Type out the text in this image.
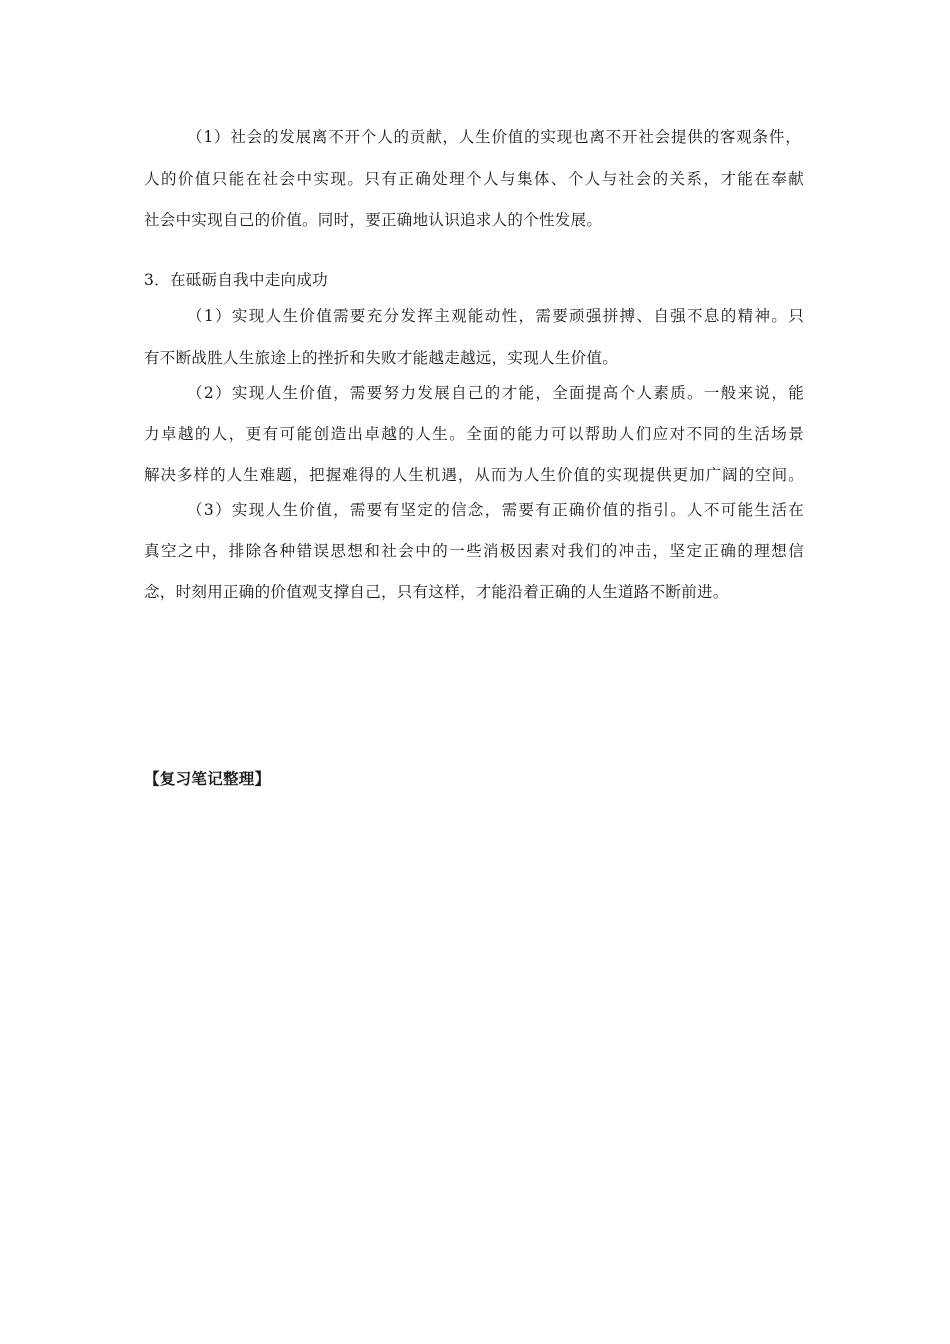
（1）社会的发展离不开个人的贡献，人生价值的实现也离不开社会提供的客观条件，
人的价值只能在社会中实现。只有正确处理个人与集体、个人与社会的关系，才能在奉献
社会中实现自己的价值。同时，要正确地认识追求人的个性发展。
3．在砥砺自我中走向成功
（1）实现人生价值需要充分发挥主观能动性，需要顽强拼搏、自强不息的精神。只
有不断战胜人生旅途上的挫折和失败才能越走越远，实现人生价值。
（2）实现人生价值，需要努力发展自己的才能，全面提高个人素质。一般来说，能
力卓越的人，更有可能创造出卓越的人生。全面的能力可以帮助人们应对不同的生活场景
解决多样的人生难题，把握难得的人生机遇，从而为人生价值的实现提供更加广阔的空间。
（3）实现人生价值，需要有坚定的信念，需要有正确价值的指引。人不可能生活在
真空之中，排除各种错误思想和社会中的一些消极因素对我们的冲击，坚定正确的理想信
念，时刻用正确的价值观支撑自己，只有这样，才能沿着正确的人生道路不断前进。
【复习笔记整理】
